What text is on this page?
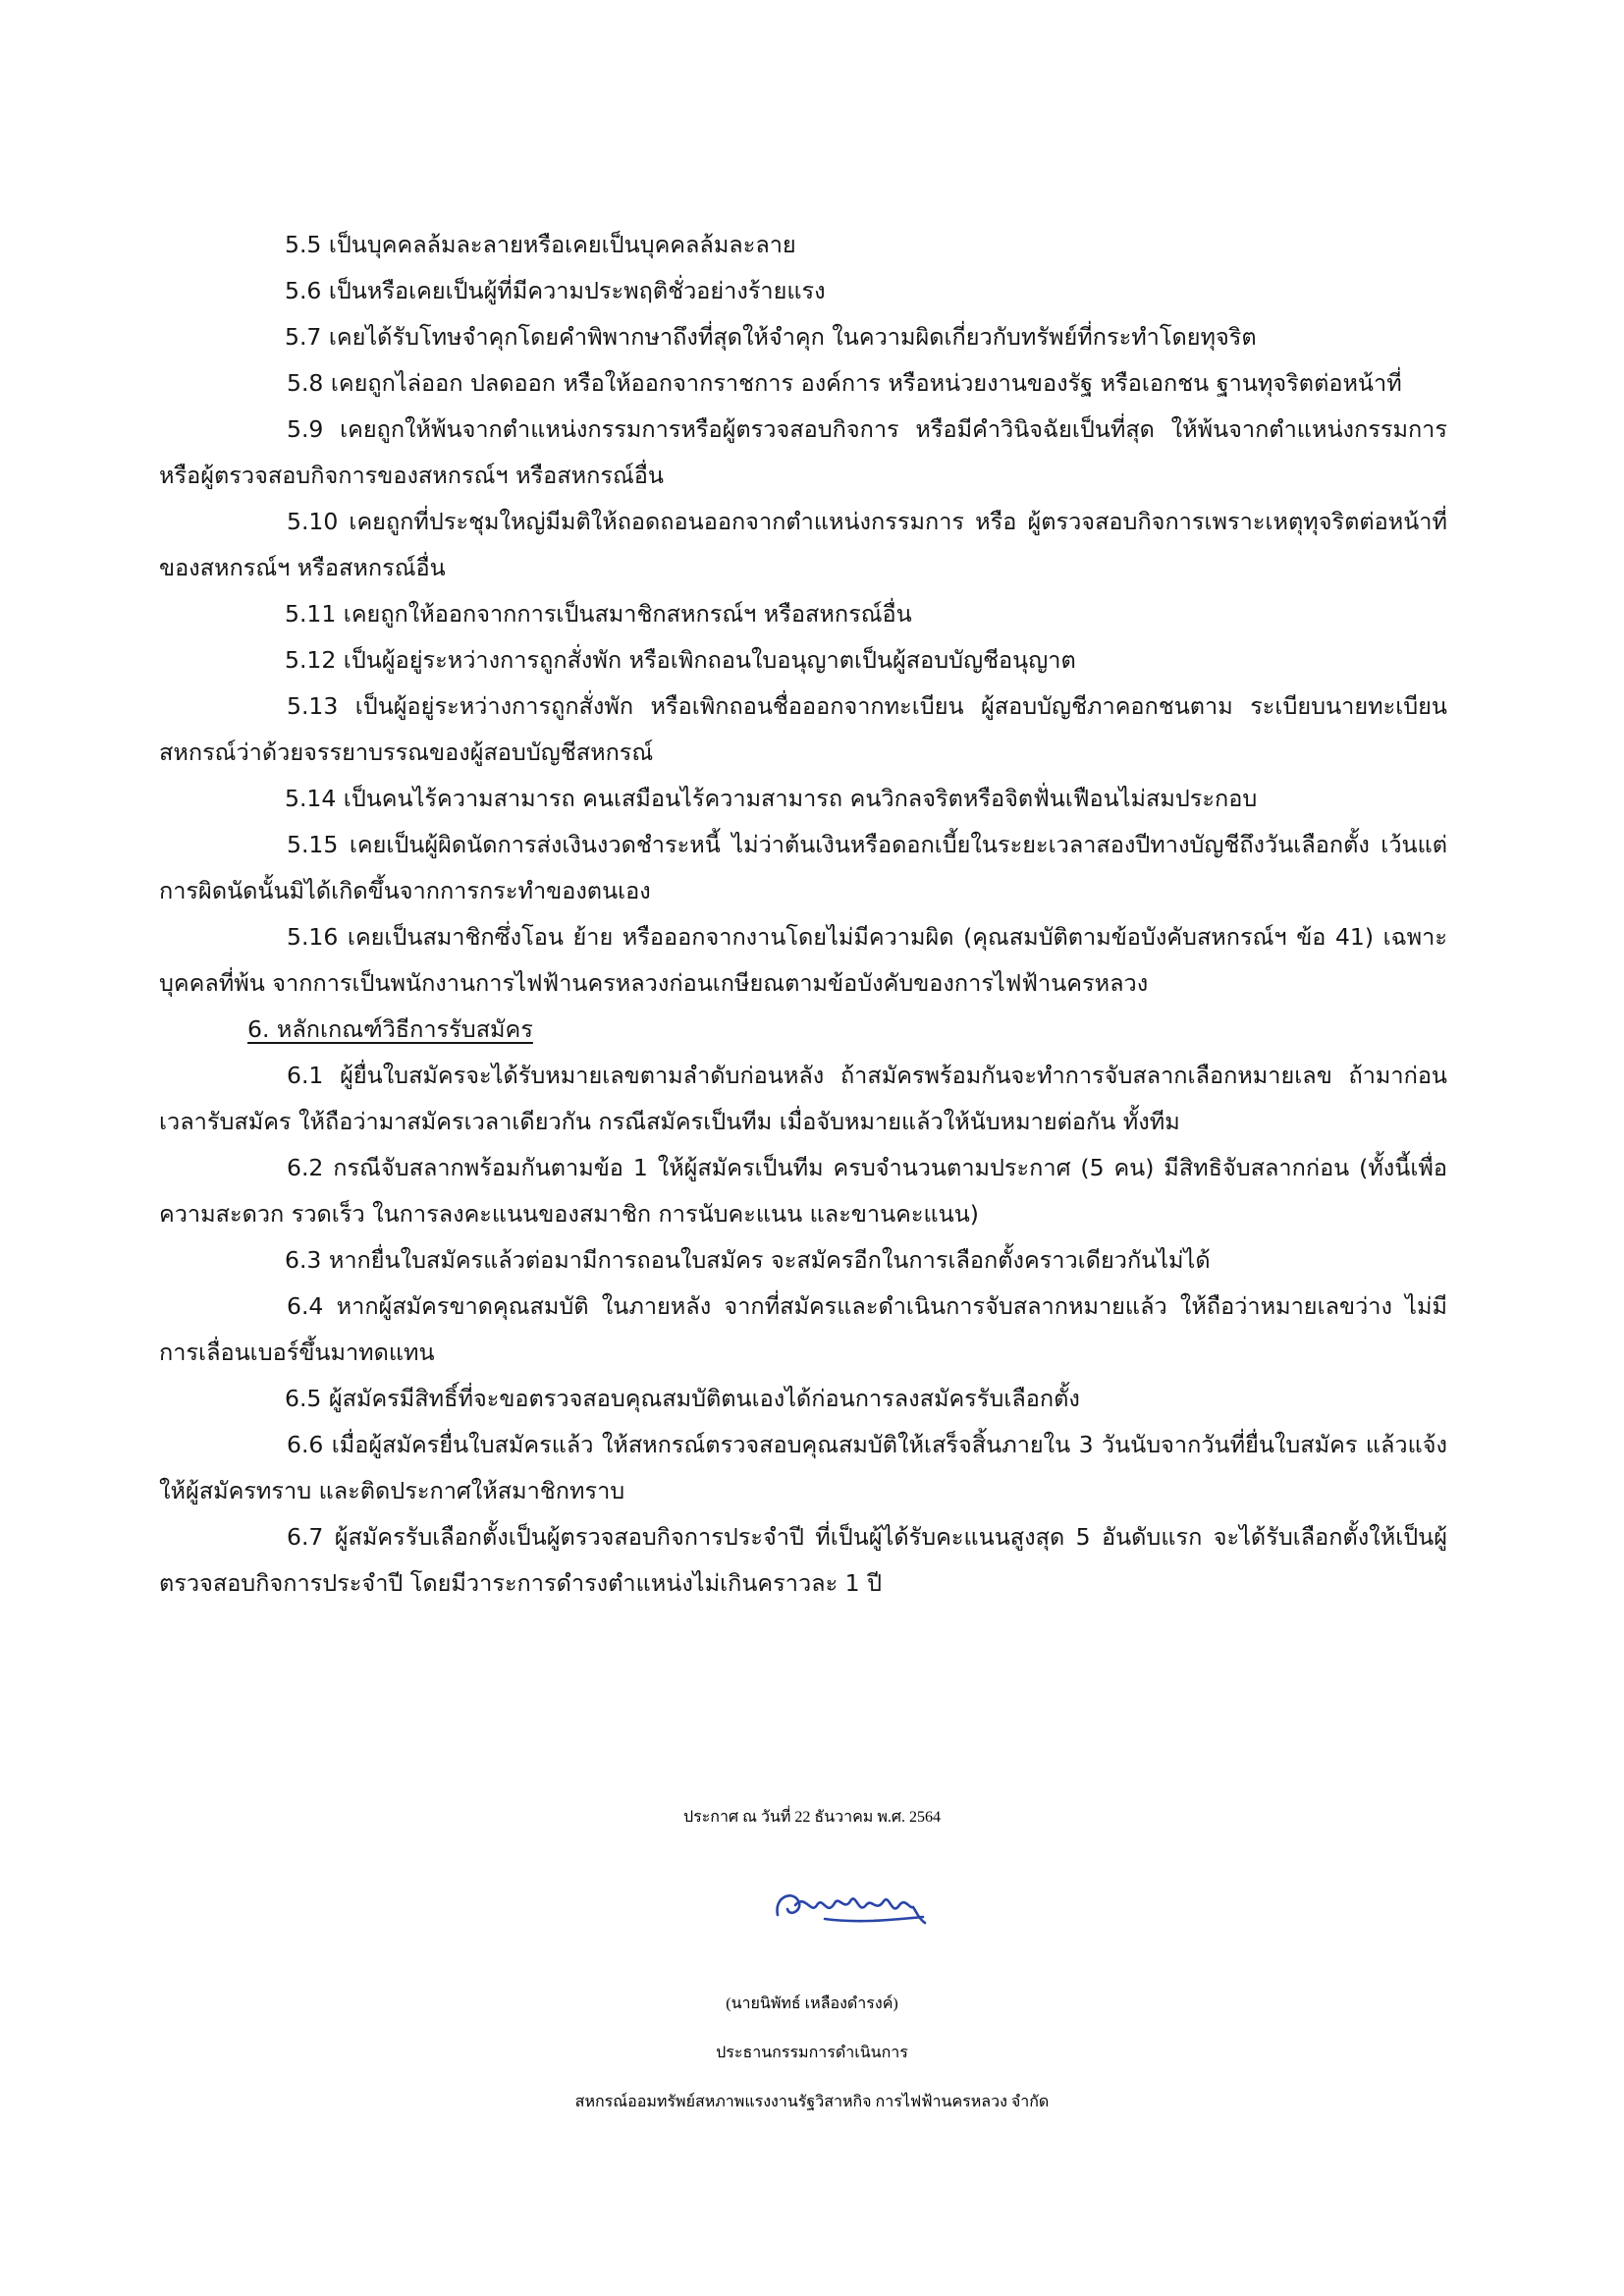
5.5 เป็นบุคคลล้มละลายหรือเคยเป็นบุคคลล้มละลาย

5.6 เป็นหรือเคยเป็นผู้ที่มีความประพฤติชั่วอย่างร้ายแรง

5.7 เคยได้รับโทษจำคุกโดยคำพิพากษาถึงที่สุดให้จำคุก ในความผิดเกี่ยวกับทรัพย์ที่กระทำโดยทุจริต

5.8 เคยถูกไล่ออก ปลดออก หรือให้ออกจากราชการ องค์การ หรือหน่วยงานของรัฐ หรือเอกชน ฐานทุจริตต่อหน้าที่

5.9 เคยถูกให้พ้นจากตำแหน่งกรรมการหรือผู้ตรวจสอบกิจการ หรือมีคำวินิจฉัยเป็นที่สุด ให้พ้นจากตำแหน่งกรรมการ หรือผู้ตรวจสอบกิจการของสหกรณ์ฯ หรือสหกรณ์อื่น

5.10 เคยถูกที่ประชุมใหญ่มีมติให้ถอดถอนออกจากตำแหน่งกรรมการ หรือ ผู้ตรวจสอบกิจการเพราะเหตุทุจริตต่อหน้าที่ของสหกรณ์ฯ หรือสหกรณ์อื่น

5.11 เคยถูกให้ออกจากการเป็นสมาชิกสหกรณ์ฯ หรือสหกรณ์อื่น

5.12 เป็นผู้อยู่ระหว่างการถูกสั่งพัก หรือเพิกถอนใบอนุญาตเป็นผู้สอบบัญชีอนุญาต

5.13 เป็นผู้อยู่ระหว่างการถูกสั่งพัก หรือเพิกถอนชื่อออกจากทะเบียน ผู้สอบบัญชีภาคอกชนตาม ระเบียบนายทะเบียนสหกรณ์ว่าด้วยจรรยาบรรณของผู้สอบบัญชีสหกรณ์

5.14 เป็นคนไร้ความสามารถ คนเสมือนไร้ความสามารถ คนวิกลจริตหรือจิตฟั่นเฟือนไม่สมประกอบ

5.15 เคยเป็นผู้ผิดนัดการส่งเงินงวดชำระหนี้ ไม่ว่าต้นเงินหรือดอกเบี้ยในระยะเวลาสองปีทางบัญชีถึงวันเลือกตั้ง เว้นแต่การผิดนัดนั้นมิได้เกิดขึ้นจากการกระทำของตนเอง

5.16 เคยเป็นสมาชิกซึ่งโอน ย้าย หรือออกจากงานโดยไม่มีความผิด (คุณสมบัติตามข้อบังคับสหกรณ์ฯ ข้อ 41) เฉพาะบุคคลที่พ้น จากการเป็นพนักงานการไฟฟ้านครหลวงก่อนเกษียณตามข้อบังคับของการไฟฟ้านครหลวง

6. หลักเกณฑ์วิธีการรับสมัคร

6.1 ผู้ยื่นใบสมัครจะได้รับหมายเลขตามลำดับก่อนหลัง ถ้าสมัครพร้อมกันจะทำการจับสลากเลือกหมายเลข ถ้ามาก่อนเวลารับสมัคร ให้ถือว่ามาสมัครเวลาเดียวกัน กรณีสมัครเป็นทีม เมื่อจับหมายแล้วให้นับหมายต่อกัน ทั้งทีม

6.2 กรณีจับสลากพร้อมกันตามข้อ 1 ให้ผู้สมัครเป็นทีม ครบจำนวนตามประกาศ (5 คน) มีสิทธิจับสลากก่อน (ทั้งนี้เพื่อความสะดวก รวดเร็ว ในการลงคะแนนของสมาชิก การนับคะแนน และขานคะแนน)

6.3 หากยื่นใบสมัครแล้วต่อมามีการถอนใบสมัคร จะสมัครอีกในการเลือกตั้งคราวเดียวกันไม่ได้

6.4 หากผู้สมัครขาดคุณสมบัติ ในภายหลัง จากที่สมัครและดำเนินการจับสลากหมายแล้ว ให้ถือว่าหมายเลขว่าง ไม่มีการเลื่อนเบอร์ขึ้นมาทดแทน

6.5 ผู้สมัครมีสิทธิ์ที่จะขอตรวจสอบคุณสมบัติตนเองได้ก่อนการลงสมัครรับเลือกตั้ง

6.6 เมื่อผู้สมัครยื่นใบสมัครแล้ว ให้สหกรณ์ตรวจสอบคุณสมบัติให้เสร็จสิ้นภายใน 3 วันนับจากวันที่ยื่นใบสมัคร แล้วแจ้งให้ผู้สมัครทราบ และติดประกาศให้สมาชิกทราบ

6.7 ผู้สมัครรับเลือกตั้งเป็นผู้ตรวจสอบกิจการประจำปี ที่เป็นผู้ได้รับคะแนนสูงสุด 5 อันดับแรก จะได้รับเลือกตั้งให้เป็นผู้ตรวจสอบกิจการประจำปี โดยมีวาระการดำรงตำแหน่งไม่เกินคราวละ 1 ปี

ประกาศ ณ วันที่ 22 ธันวาคม พ.ศ. 2564
(นายนิพัทธ์ เหลืองดำรงค์)
ประธานกรรมการดำเนินการ
สหกรณ์ออมทรัพย์สหภาพแรงงานรัฐวิสาหกิจ การไฟฟ้านครหลวง จำกัด
